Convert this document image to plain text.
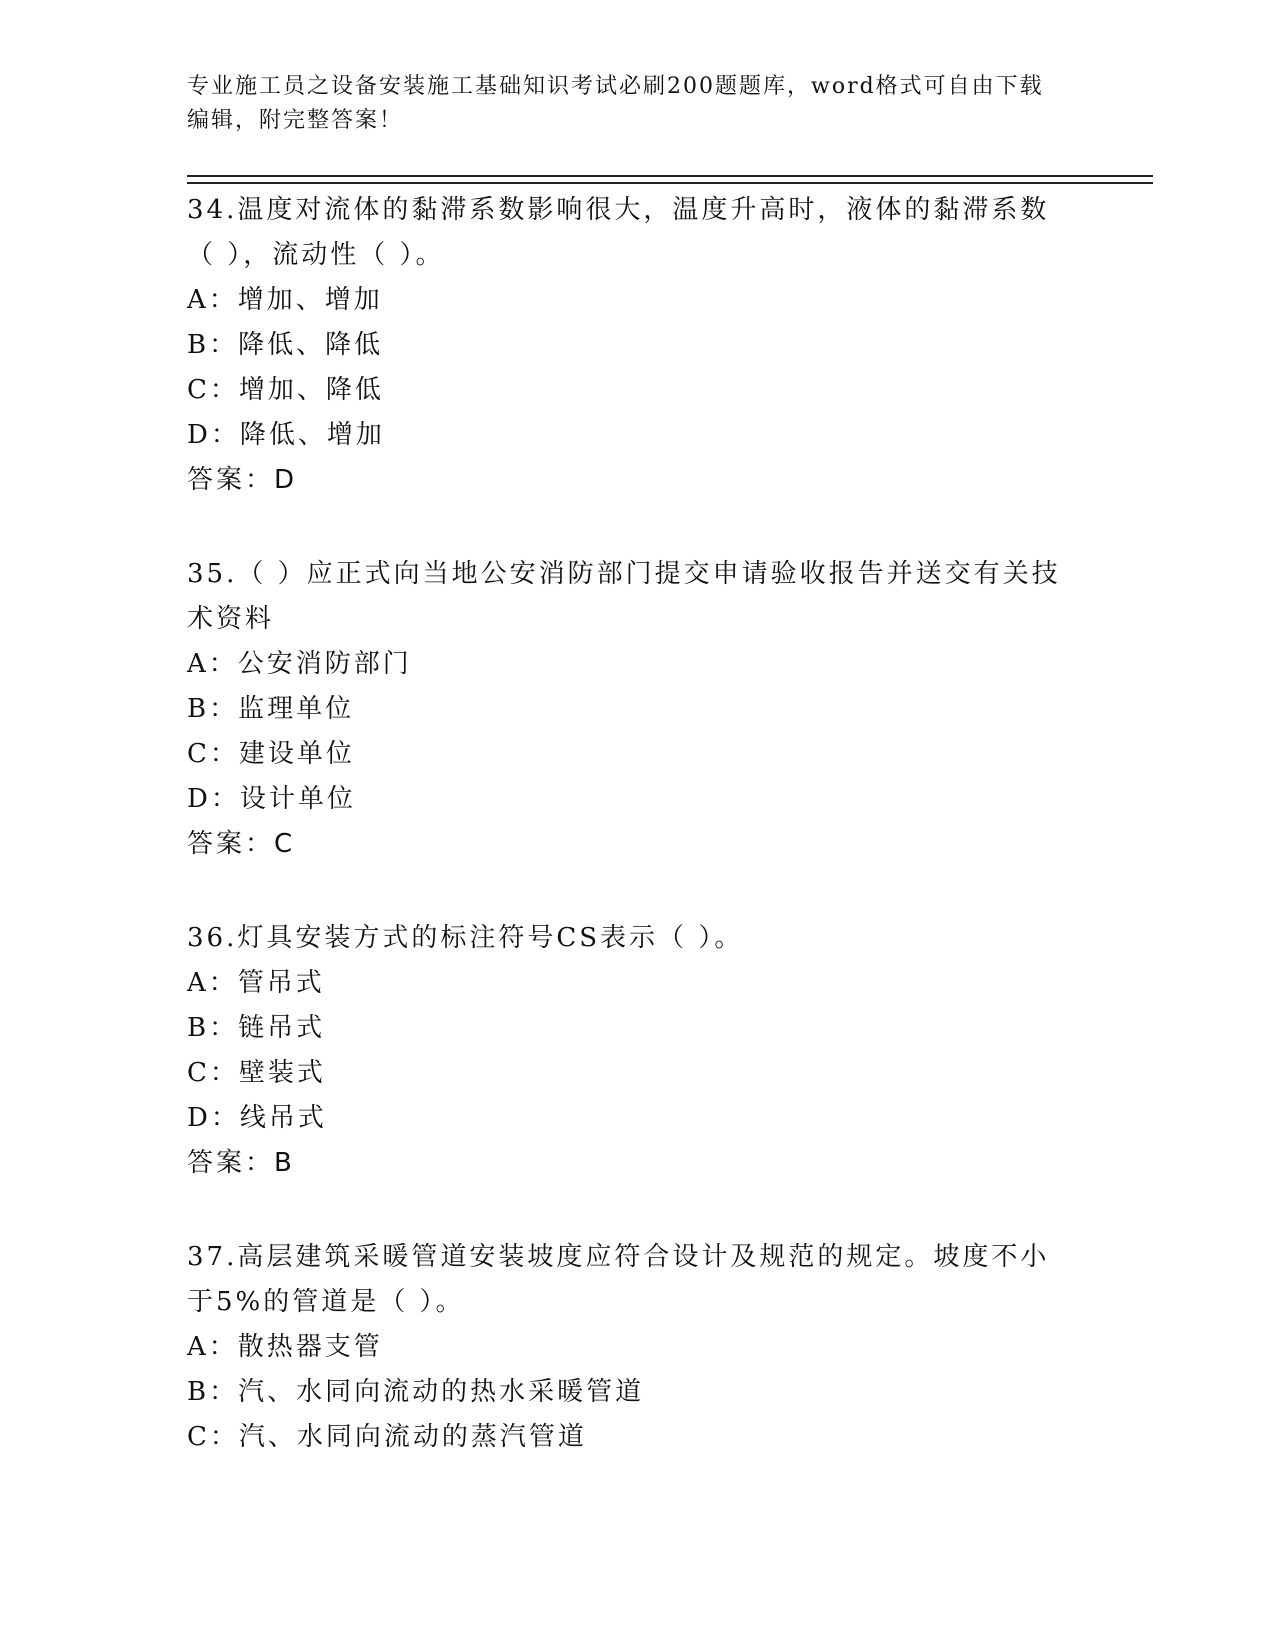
专业施工员之设备安装施工基础知识考试必刷200题题库，word格式可自由下载编辑，附完整答案！

34.温度对流体的黏滞系数影响很大，温度升高时，液体的黏滞系数（ ），流动性（ ）。

A：增加、增加

B：降低、降低

C：增加、降低

D：降低、增加

答案：D

35.（ ）应正式向当地公安消防部门提交申请验收报告并送交有关技术资料

A：公安消防部门

B：监理单位

C：建设单位

D：设计单位

答案：C

36.灯具安装方式的标注符号CS表示（ ）。

A：管吊式

B：链吊式

C：壁装式

D：线吊式

答案：B

37.高层建筑采暖管道安装坡度应符合设计及规范的规定。坡度不小于5%的管道是（ ）。

A：散热器支管

B：汽、水同向流动的热水采暖管道

C：汽、水同向流动的蒸汽管道
